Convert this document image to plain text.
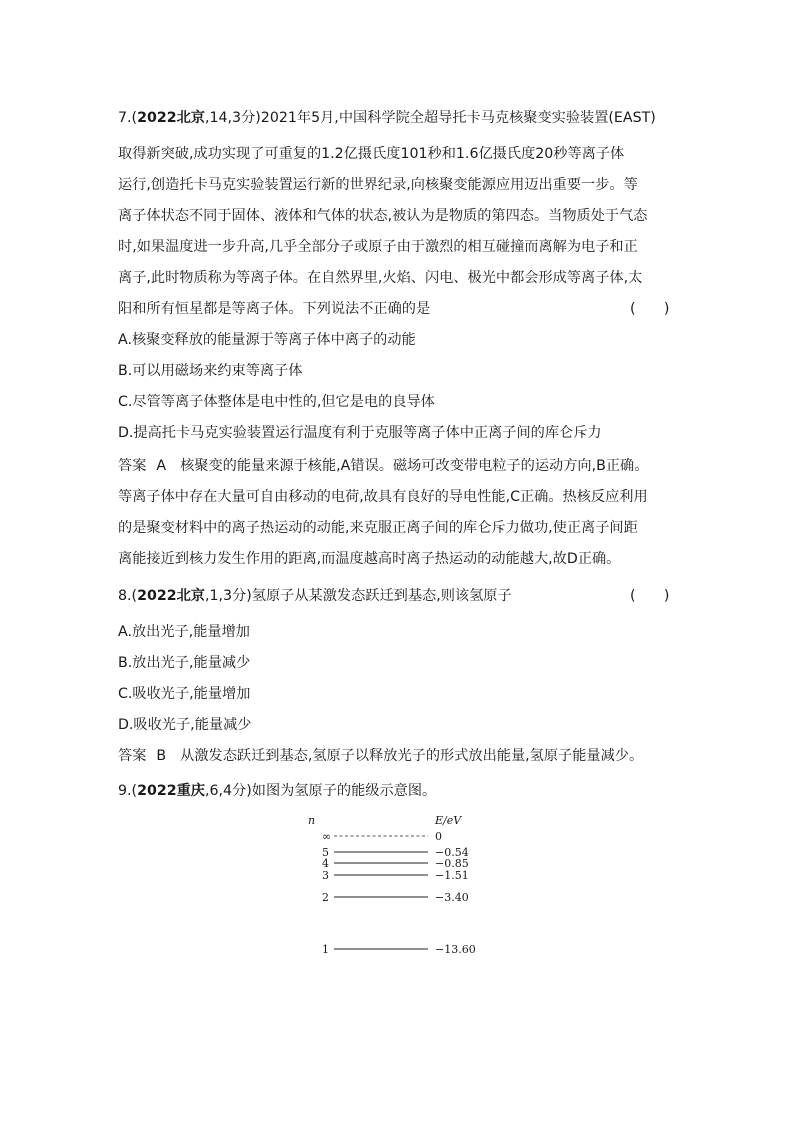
7.(2022北京,14,3分)2021年5月,中国科学院全超导托卡马克核聚变实验装置(EAST)
取得新突破,成功实现了可重复的1.2亿摄氏度101秒和1.6亿摄氏度20秒等离子体
运行,创造托卡马克实验装置运行新的世界纪录,向核聚变能源应用迈出重要一步。等
离子体状态不同于固体、液体和气体的状态,被认为是物质的第四态。当物质处于气态
时,如果温度进一步升高,几乎全部分子或原子由于激烈的相互碰撞而离解为电子和正
离子,此时物质称为等离子体。在自然界里,火焰、闪电、极光中都会形成等离子体,太
阳和所有恒星都是等离子体。下列说法不正确的是	(　　)
A.核聚变释放的能量源于等离子体中离子的动能
B.可以用磁场来约束等离子体
C.尽管等离子体整体是电中性的,但它是电的良导体
D.提高托卡马克实验装置运行温度有利于克服等离子体中正离子间的库仑斥力
答案 A 核聚变的能量来源于核能,A错误。磁场可改变带电粒子的运动方向,B正确。
等离子体中存在大量可自由移动的电荷,故具有良好的导电性能,C正确。热核反应利用
的是聚变材料中的离子热运动的动能,来克服正离子间的库仑斥力做功,使正离子间距
离能接近到核力发生作用的距离,而温度越高时离子热运动的动能越大,故D正确。
8.(2022北京,1,3分)氢原子从某激发态跃迁到基态,则该氢原子	(　　)
A.放出光子,能量增加
B.放出光子,能量减少
C.吸收光子,能量增加
D.吸收光子,能量减少
答案 B 从激发态跃迁到基态,氢原子以释放光子的形式放出能量,氢原子能量减少。
9.(2022重庆,6,4分)如图为氢原子的能级示意图。
n	E/eV
∞	0
5	−0.54
4	−0.85
3	−1.51
2	−3.40
1	−13.60
